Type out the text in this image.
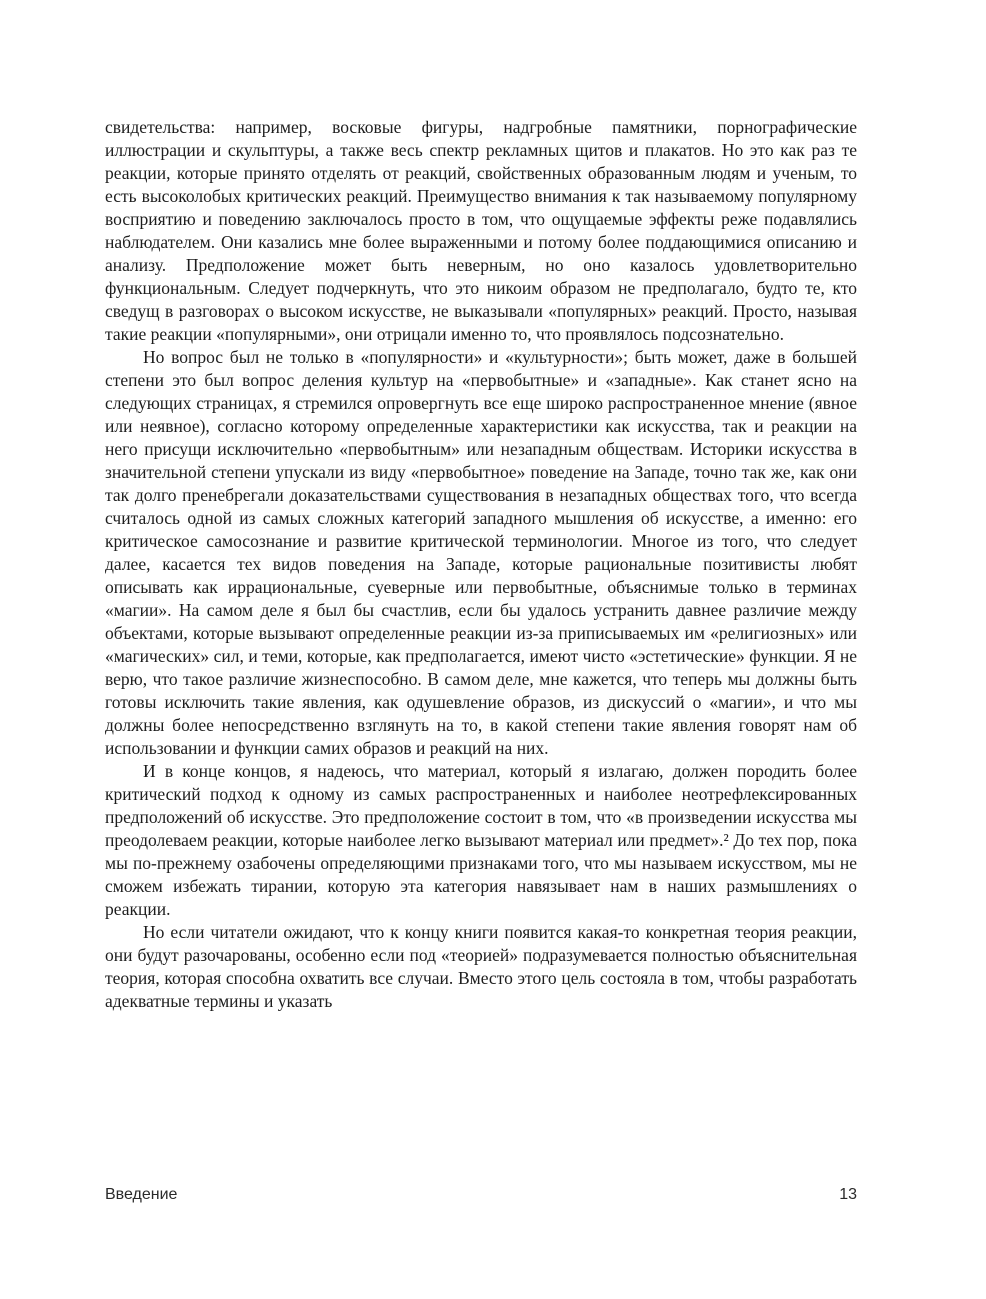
свидетельства: например, восковые фигуры, надгробные памятники, порнографические иллюстрации и скульптуры, а также весь спектр рекламных щитов и плакатов. Но это как раз те реакции, которые принято отделять от реакций, свойственных образованным людям и ученым, то есть высоколобых критических реакций. Преимущество внимания к так называемому популярному восприятию и поведению заключалось просто в том, что ощущаемые эффекты реже подавлялись наблюдателем. Они казались мне более выраженными и потому более поддающимися описанию и анализу. Предположение может быть неверным, но оно казалось удовлетворительно функциональным. Следует подчеркнуть, что это никоим образом не предполагало, будто те, кто сведущ в разговорах о высоком искусстве, не выказывали «популярных» реакций. Просто, называя такие реакции «популярными», они отрицали именно то, что проявлялось подсознательно.

Но вопрос был не только в «популярности» и «культурности»; быть может, даже в большей степени это был вопрос деления культур на «первобытные» и «западные». Как станет ясно на следующих страницах, я стремился опровергнуть все еще широко распространенное мнение (явное или неявное), согласно которому определенные характеристики как искусства, так и реакции на него присущи исключительно «первобытным» или незападным обществам. Историки искусства в значительной степени упускали из виду «первобытное» поведение на Западе, точно так же, как они так долго пренебрегали доказательствами существования в незападных обществах того, что всегда считалось одной из самых сложных категорий западного мышления об искусстве, а именно: его критическое самосознание и развитие критической терминологии. Многое из того, что следует далее, касается тех видов поведения на Западе, которые рациональные позитивисты любят описывать как иррациональные, суеверные или первобытные, объяснимые только в терминах «магии». На самом деле я был бы счастлив, если бы удалось устранить давнее различие между объектами, которые вызывают определенные реакции из-за приписываемых им «религиозных» или «магических» сил, и теми, которые, как предполагается, имеют чисто «эстетические» функции. Я не верю, что такое различие жизнеспособно. В самом деле, мне кажется, что теперь мы должны быть готовы исключить такие явления, как одушевление образов, из дискуссий о «магии», и что мы должны более непосредственно взглянуть на то, в какой степени такие явления говорят нам об использовании и функции самих образов и реакций на них.

И в конце концов, я надеюсь, что материал, который я излагаю, должен породить более критический подход к одному из самых распространенных и наиболее неотрефлексированных предположений об искусстве. Это предположение состоит в том, что «в произведении искусства мы преодолеваем реакции, которые наиболее легко вызывают материал или предмет».² До тех пор, пока мы по-прежнему озабочены определяющими признаками того, что мы называем искусством, мы не сможем избежать тирании, которую эта категория навязывает нам в наших размышлениях о реакции.

Но если читатели ожидают, что к концу книги появится какая-то конкретная теория реакции, они будут разочарованы, особенно если под «теорией» подразумевается полностью объяснительная теория, которая способна охватить все случаи. Вместо этого цель состояла в том, чтобы разработать адекватные термины и указать

Введение	13
